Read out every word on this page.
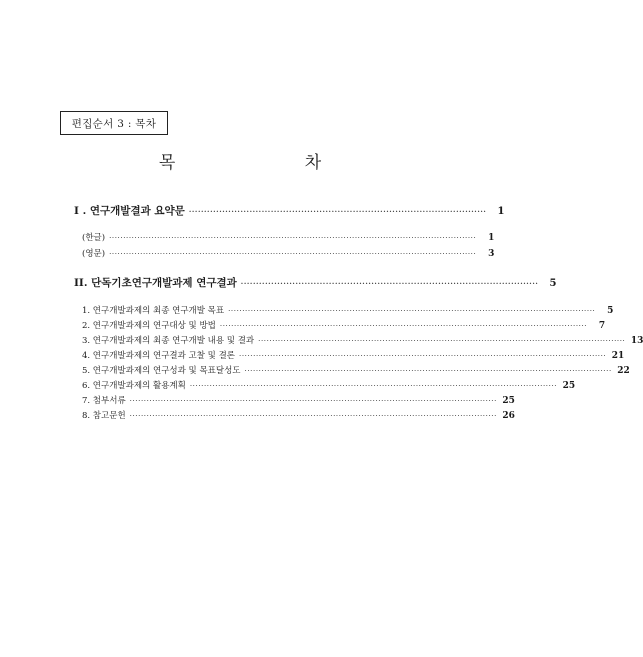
편집순서 3 : 목차
목 차
I . 연구개발결과 요약문 ··································································································	1
(한글) ··································································································································	1
(영문) ··································································································································	3
II. 단독기초연구개발과제 연구결과 ··································································································	5
1. 연구개발과제의 최종 연구개발 목표 ··································································································································	5
2. 연구개발과제의 연구대상 및 방법 ··································································································································	7
3. 연구개발과제의 최종 연구개발 내용 및 결과 ·································································································································· 13
4. 연구개발과제의 연구결과 고찰 및 결론 ·································································································································· 21
5. 연구개발과제의 연구성과 및 목표달성도 ·································································································································· 22
6. 연구개발과제의 활용계획 ·································································································································· 25
7. 첨부서류 ·································································································································· 25
8. 참고문헌 ·································································································································· 26
